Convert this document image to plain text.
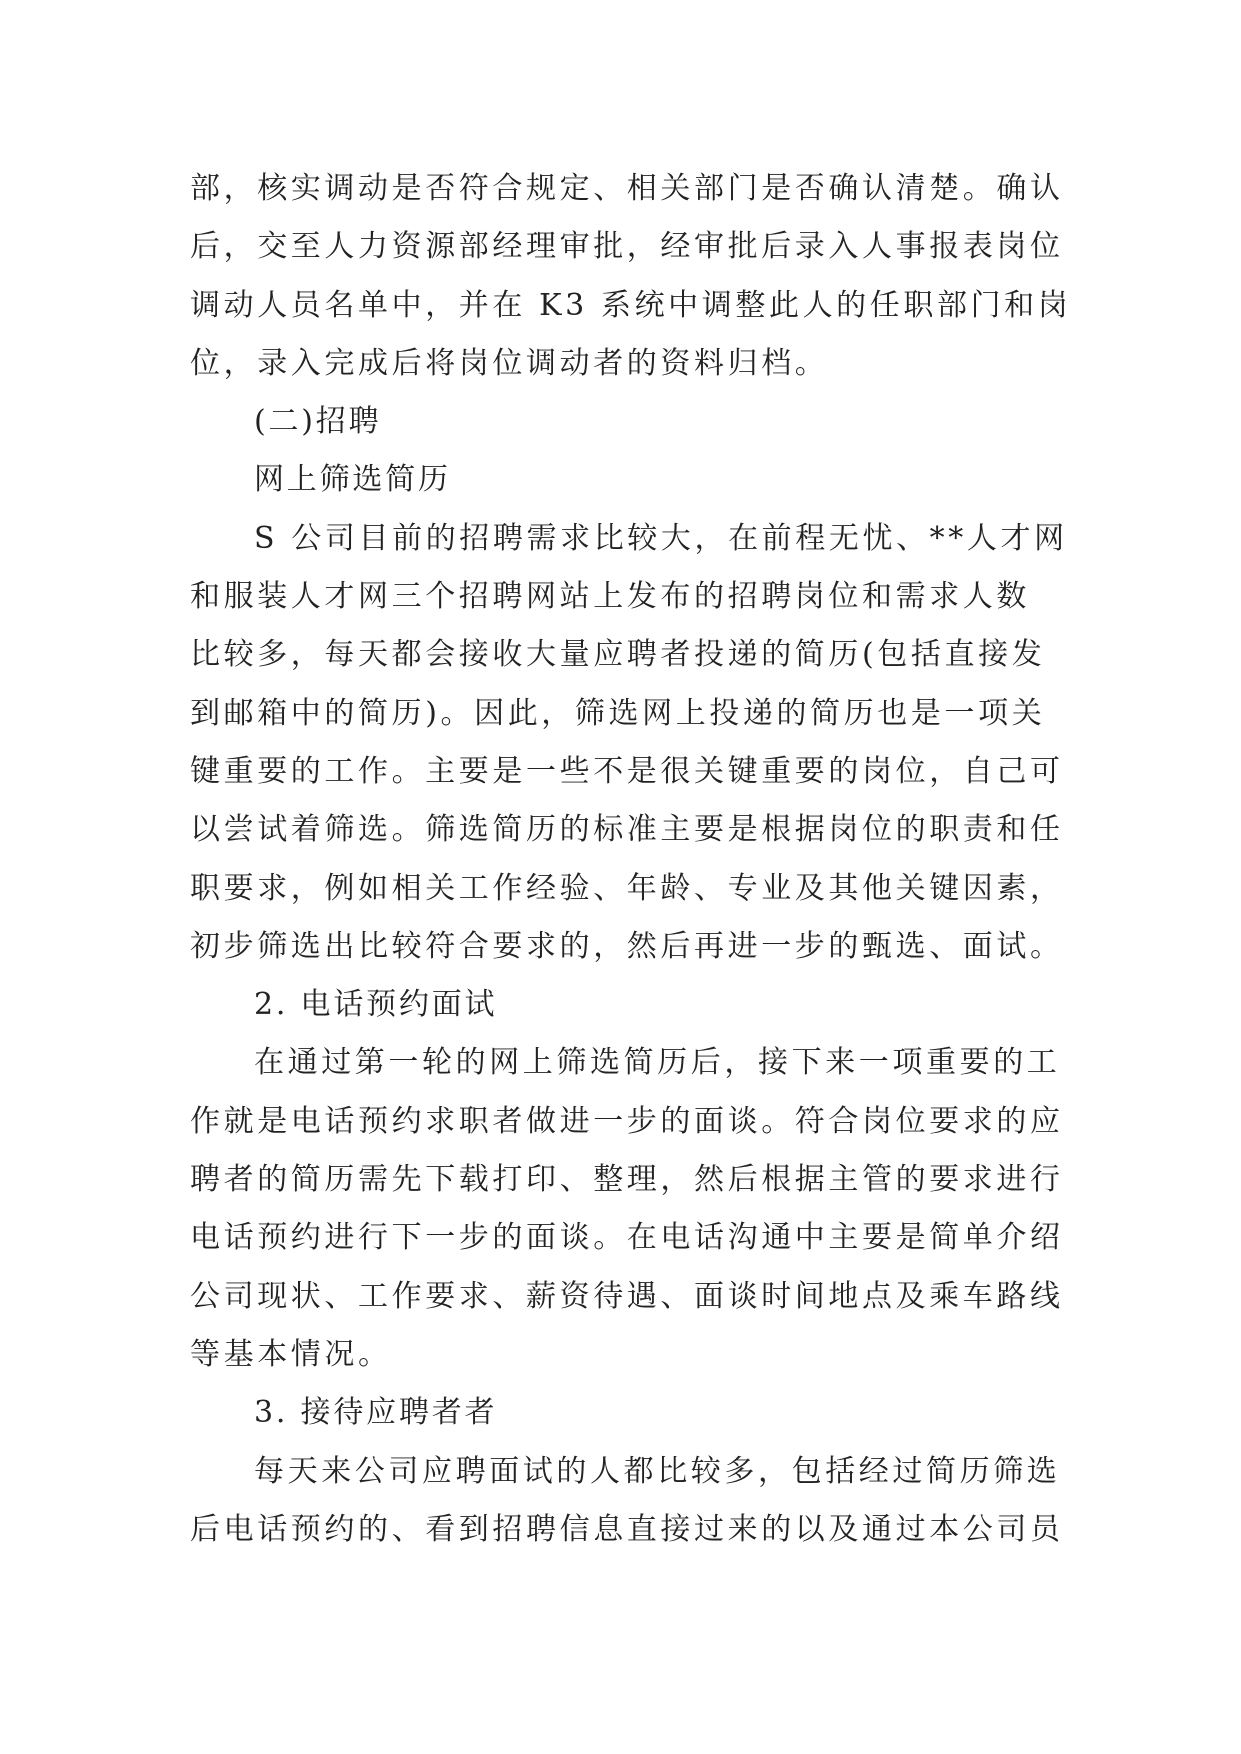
部，核实调动是否符合规定、相关部门是否确认清楚。确认
后，交至人力资源部经理审批，经审批后录入人事报表岗位
调动人员名单中，并在 K3 系统中调整此人的任职部门和岗
位，录入完成后将岗位调动者的资料归档。
(二)招聘
网上筛选简历
S 公司目前的招聘需求比较大，在前程无忧、**人才网
和服装人才网三个招聘网站上发布的招聘岗位和需求人数
比较多，每天都会接收大量应聘者投递的简历(包括直接发
到邮箱中的简历)。因此，筛选网上投递的简历也是一项关
键重要的工作。主要是一些不是很关键重要的岗位，自己可
以尝试着筛选。筛选简历的标准主要是根据岗位的职责和任
职要求，例如相关工作经验、年龄、专业及其他关键因素，
初步筛选出比较符合要求的，然后再进一步的甄选、面试。
2. 电话预约面试
在通过第一轮的网上筛选简历后，接下来一项重要的工
作就是电话预约求职者做进一步的面谈。符合岗位要求的应
聘者的简历需先下载打印、整理，然后根据主管的要求进行
电话预约进行下一步的面谈。在电话沟通中主要是简单介绍
公司现状、工作要求、薪资待遇、面谈时间地点及乘车路线
等基本情况。
3. 接待应聘者者
每天来公司应聘面试的人都比较多，包括经过简历筛选
后电话预约的、看到招聘信息直接过来的以及通过本公司员
